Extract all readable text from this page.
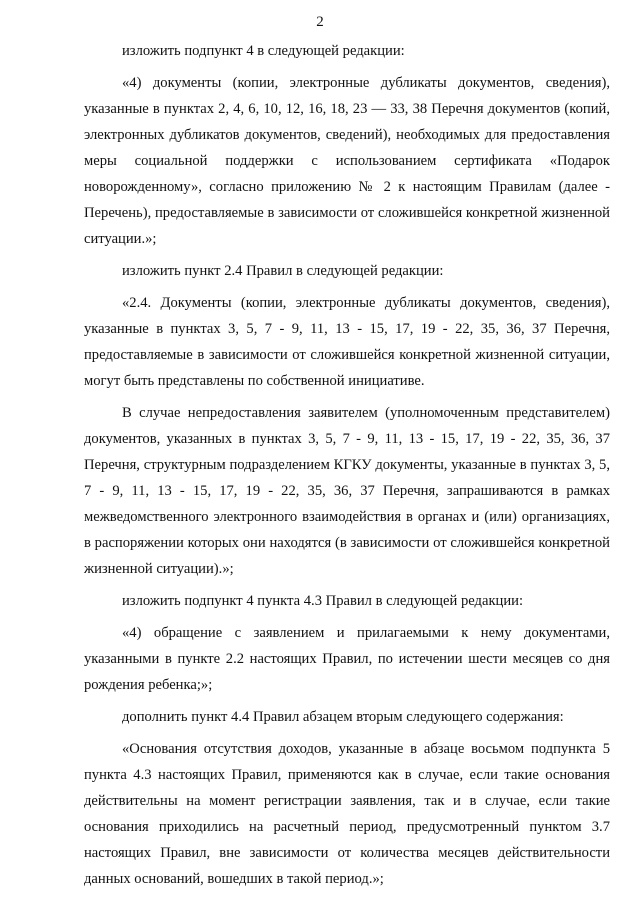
2

изложить подпункт 4 в следующей редакции:

«4) документы (копии, электронные дубликаты документов, сведения), указанные в пунктах 2, 4, 6, 10, 12, 16, 18, 23 — 33, 38 Перечня документов (копий, электронных дубликатов документов, сведений), необходимых для предоставления меры социальной поддержки с использованием сертификата «Подарок новорожденному», согласно приложению № 2 к настоящим Правилам (далее - Перечень), предоставляемые в зависимости от сложившейся конкретной жизненной ситуации.»;

изложить пункт 2.4 Правил в следующей редакции:

«2.4. Документы (копии, электронные дубликаты документов, сведения), указанные в пунктах 3, 5, 7 - 9, 11, 13 - 15, 17, 19 - 22, 35, 36, 37 Перечня, предоставляемые в зависимости от сложившейся конкретной жизненной ситуации, могут быть представлены по собственной инициативе.

В случае непредоставления заявителем (уполномоченным представителем) документов, указанных в пунктах 3, 5, 7 - 9, 11, 13 - 15, 17, 19 - 22, 35, 36, 37 Перечня, структурным подразделением КГКУ документы, указанные в пунктах 3, 5, 7 - 9, 11, 13 - 15, 17, 19 - 22, 35, 36, 37 Перечня, запрашиваются в рамках межведомственного электронного взаимодействия в органах и (или) организациях, в распоряжении которых они находятся (в зависимости от сложившейся конкретной жизненной ситуации).»;

изложить подпункт 4 пункта 4.3 Правил в следующей редакции:

«4) обращение с заявлением и прилагаемыми к нему документами, указанными в пункте 2.2 настоящих Правил, по истечении шести месяцев со дня рождения ребенка;»;

дополнить пункт 4.4 Правил абзацем вторым следующего содержания:

«Основания отсутствия доходов, указанные в абзаце восьмом подпункта 5 пункта 4.3 настоящих Правил, применяются как в случае, если такие основания действительны на момент регистрации заявления, так и в случае, если такие основания приходились на расчетный период, предусмотренный пунктом 3.7 настоящих Правил, вне зависимости от количества месяцев действительности данных оснований, вошедших в такой период.»;
